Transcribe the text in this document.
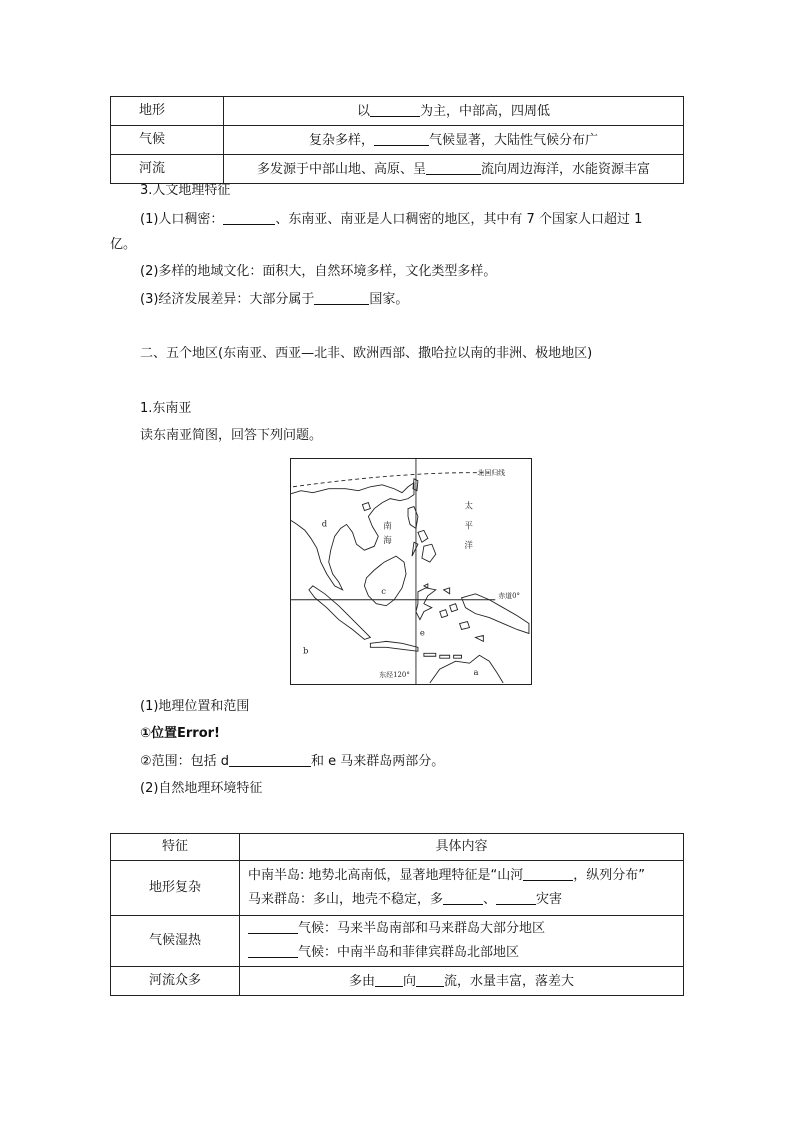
地形	以 为主，中部高，四周低
气候	复杂多样， 气候显著，大陆性气候分布广
河流	多发源于中部山地、高原、呈 流向周边海洋，水能资源丰富
3.人文地理特征
(1)人口稠密：	、东南亚、南亚是人口稠密的地区，其中有 7 个国家人口超过 1
亿。
(2)多样的地域文化：面积大，自然环境多样，文化类型多样。
(3)经济发展差异：大部分属于	国家。
二、五个地区(东南亚、西亚—北非、欧洲西部、撒哈拉以南的非洲、极地地区)
1.东南亚
读东南亚简图，回答下列问题。
北回归线
赤道0°
东经120°
南
海
太
平
洋
a
b
c
d
e
(1)地理位置和范围
①位置Error!
②范围：包括 d	和 e 马来群岛两部分。
(2)自然地理环境特征
特征	具体内容
地形复杂	中南半岛: 地势北高南低，显著地理特征是“山河 ，纵列分布”
马来群岛：多山，地壳不稳定，多 、 灾害

气候湿热	气候：马来半岛南部和马来群岛大部分地区
气候：中南半岛和菲律宾群岛北部地区

河流众多	多由 向 流，水量丰富，落差大
